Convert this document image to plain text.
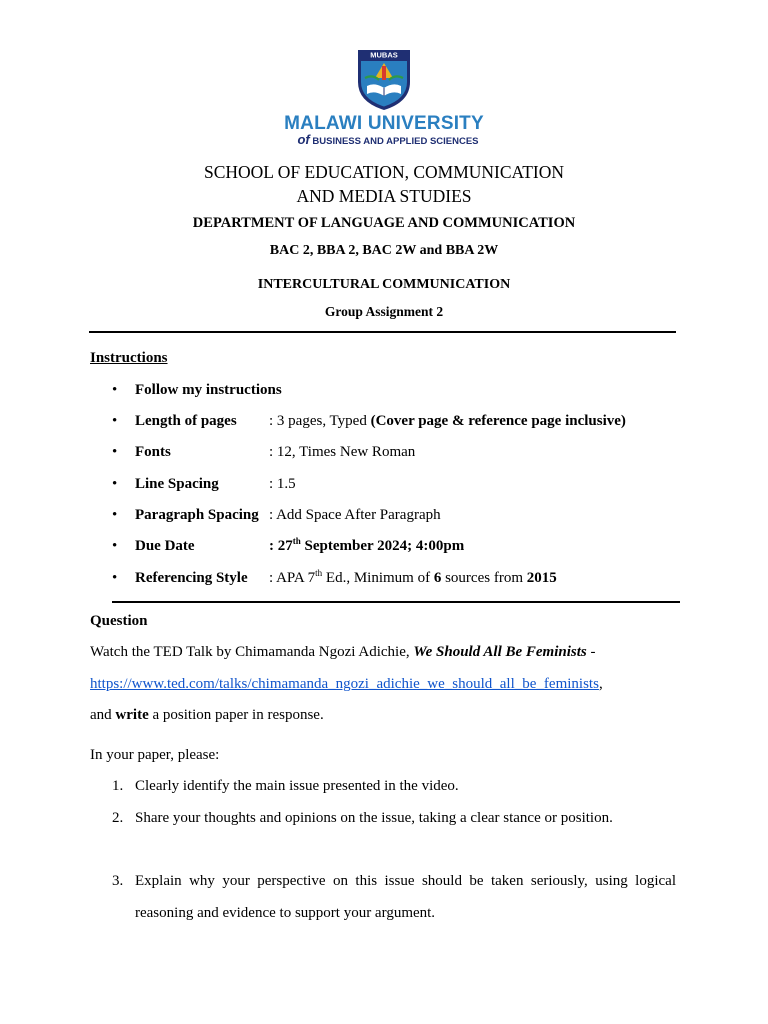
MUBAS
MALAWI UNIVERSITY
of BUSINESS AND APPLIED SCIENCES
SCHOOL OF EDUCATION, COMMUNICATION
AND MEDIA STUDIES
DEPARTMENT OF LANGUAGE AND COMMUNICATION
BAC 2, BBA 2, BAC 2W and BBA 2W
INTERCULTURAL COMMUNICATION
Group Assignment 2
Instructions
• Follow my instructions
• Length of pages : 3 pages, Typed (Cover page & reference page inclusive)
• Fonts	: 12, Times New Roman
• Line Spacing	: 1.5
• Paragraph Spacing : Add Space After Paragraph
• Due Date	: 27th September 2024; 4:00pm
• Referencing Style : APA 7th Ed., Minimum of 6 sources from 2015
Question
Watch the TED Talk by Chimamanda Ngozi Adichie, We Should All Be Feminists -
https://www.ted.com/talks/chimamanda_ngozi_adichie_we_should_all_be_feminists,
and write a position paper in response.
In your paper, please:
1. Clearly identify the main issue presented in the video.
2. Share your thoughts and opinions on the issue, taking a clear stance or position.
3. Explain why your perspective on this issue should be taken seriously, using logical reasoning and evidence to support your argument.
